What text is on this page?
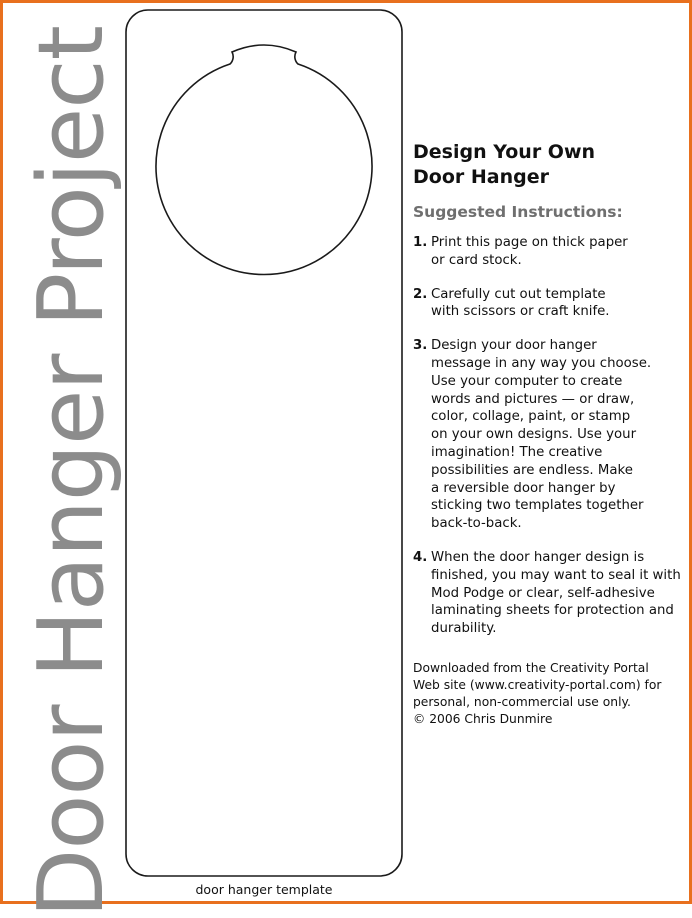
Door Hanger Project	door hanger template
Design Your Own
Door Hanger
Suggested Instructions:
1. Print this page on thick paper
or card stock.
2. Carefully cut out template
with scissors or craft knife.
3. Design your door hanger
message in any way you choose.
Use your computer to create
words and pictures — or draw,
color, collage, paint, or stamp
on your own designs. Use your
imagination! The creative
possibilities are endless. Make
a reversible door hanger by
sticking two templates together
back-to-back.
4. When the door hanger design is
finished, you may want to seal it with
Mod Podge or clear, self-adhesive
laminating sheets for protection and
durability.
Downloaded from the Creativity Portal
Web site (www.creativity-portal.com) for
personal, non-commercial use only.
© 2006 Chris Dunmire
